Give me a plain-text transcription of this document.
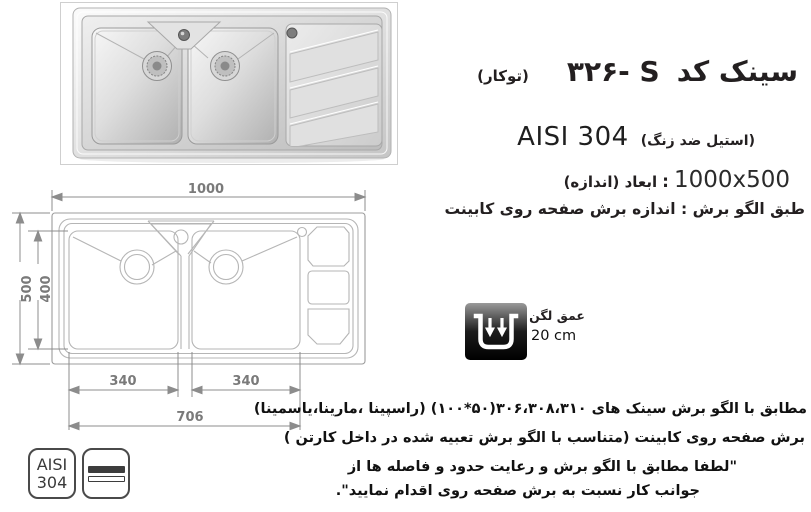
(توکار) ۳۲۶- S سینک کد
AISI 304 (استیل ضد زنگ)
ابعاد (اندازه) : 1000x500
طبق الگو برش : اندازه برش صفحه روی کابینت
1000
500 400
340	340
706
عمق لگن
20 cm
AISI
304
مطابق با الگو برش سینک های ۳۰۶،۳۰۸،۳۱۰(۵۰*۱۰۰) (راسپینا ،مارینا،یاسمینا)
برش صفحه روی کابینت (متناسب با الگو برش تعبیه شده در داخل کارتن )
"لطفا مطابق با الگو برش و رعایت حدود و فاصله ها از
جوانب کار نسبت به برش صفحه روی اقدام نمایید".
